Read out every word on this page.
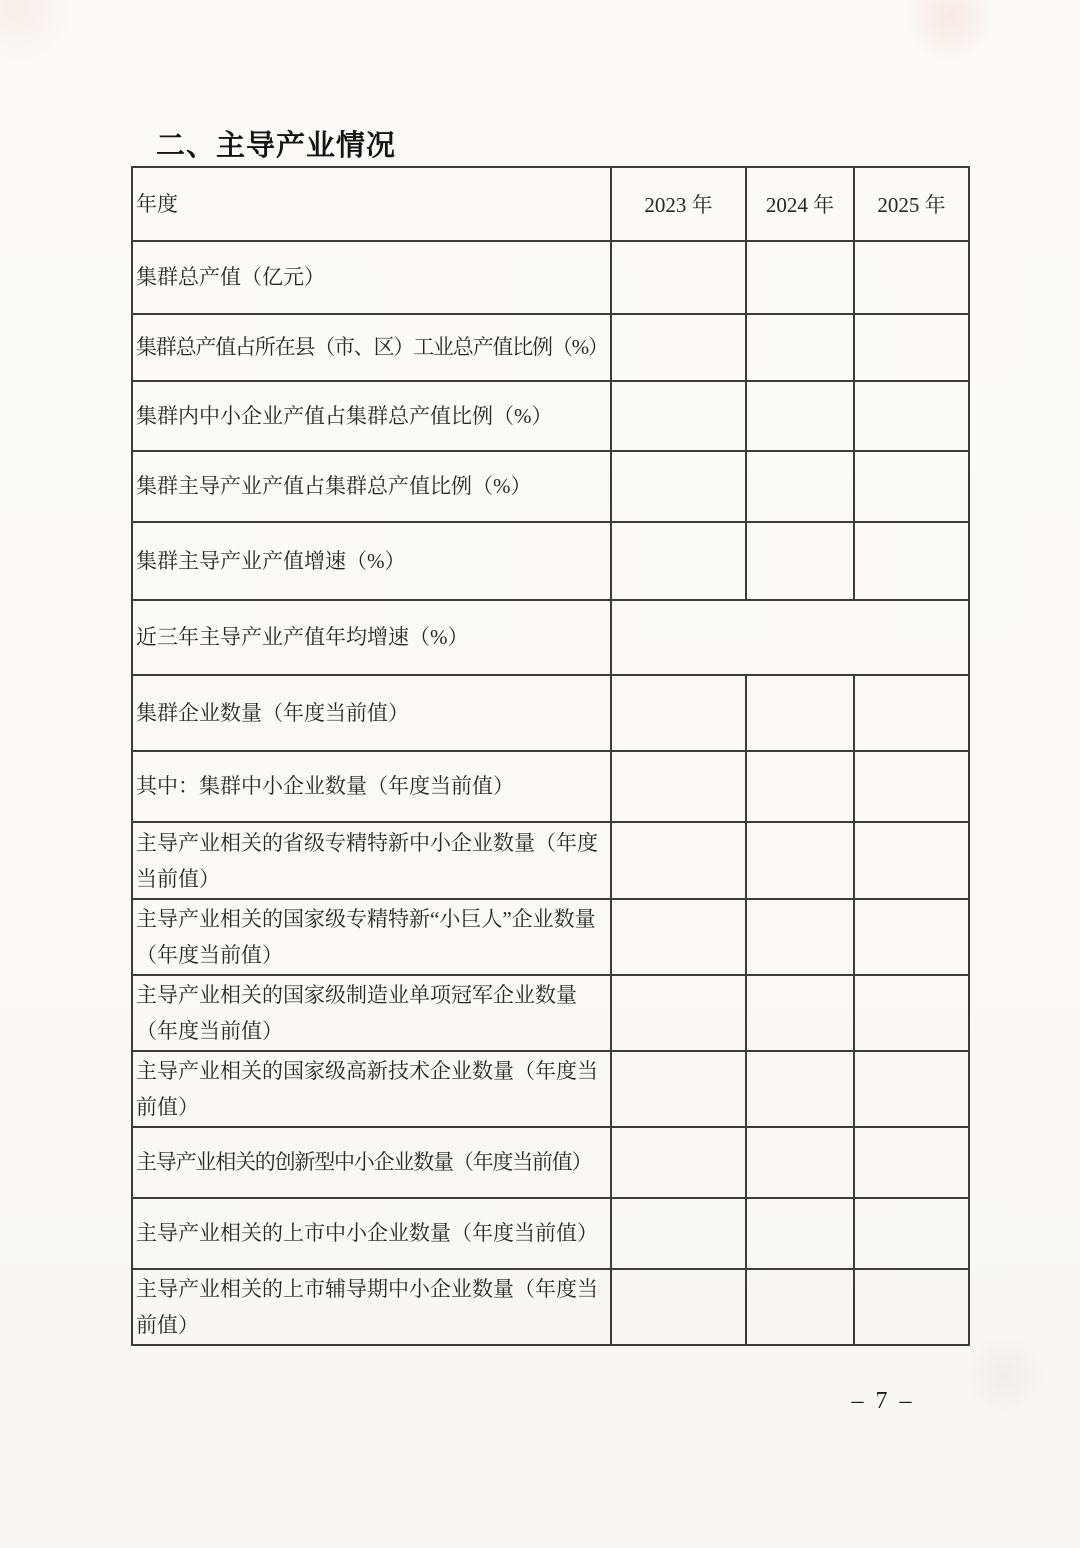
二、主导产业情况
年度	2023 年	2024 年	2025 年
集群总产值（亿元）			
集群总产值占所在县（市、区）工业总产值比例（%）			
集群内中小企业产值占集群总产值比例（%）			
集群主导产业产值占集群总产值比例（%）			
集群主导产业产值增速（%）			
近三年主导产业产值年均增速（%）			
集群企业数量（年度当前值）			
其中：集群中小企业数量（年度当前值）			
主导产业相关的省级专精特新中小企业数量（年度当前值）			
主导产业相关的国家级专精特新“小巨人”企业数量（年度当前值）			
主导产业相关的国家级制造业单项冠军企业数量（年度当前值）			
主导产业相关的国家级高新技术企业数量（年度当前值）			
主导产业相关的创新型中小企业数量（年度当前值）			
主导产业相关的上市中小企业数量（年度当前值）			
主导产业相关的上市辅导期中小企业数量（年度当前值）			
– 7 –
